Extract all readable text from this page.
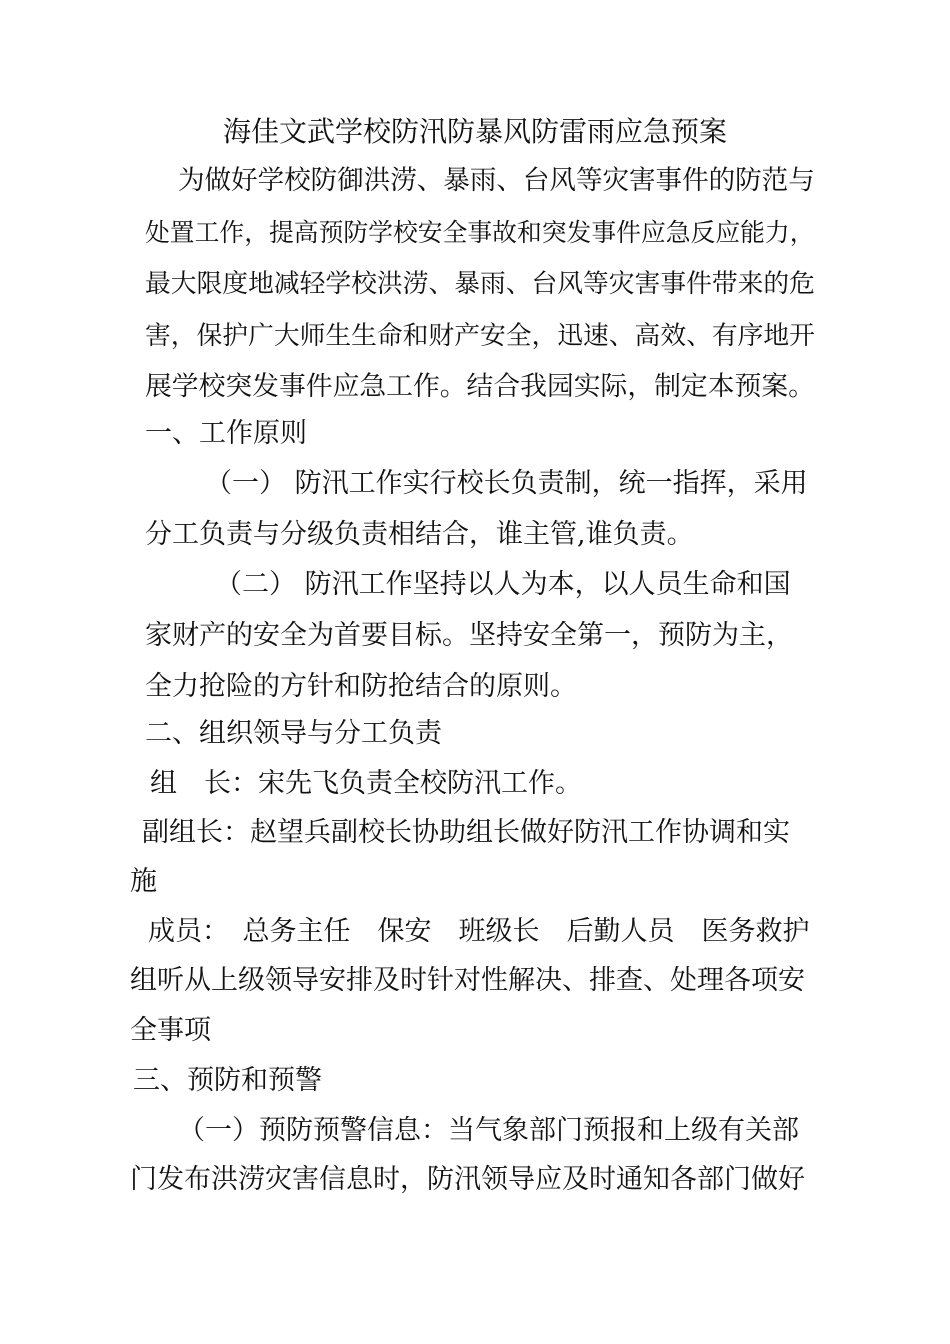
海佳文武学校防汛防暴风防雷雨应急预案
为做好学校防御洪涝、暴雨、台风等灾害事件的防范与
处置工作，提高预防学校安全事故和突发事件应急反应能力，
最大限度地减轻学校洪涝、暴雨、台风等灾害事件带来的危
害，保护广大师生生命和财产安全，迅速、高效、有序地开
展学校突发事件应急工作。结合我园实际，制定本预案。
一、工作原则
（一） 防汛工作实行校长负责制，统一指挥，采用
分工负责与分级负责相结合，谁主管,谁负责。
（二） 防汛工作坚持以人为本，以人员生命和国
家财产的安全为首要目标。坚持安全第一，预防为主，
全力抢险的方针和防抢结合的原则。
二、组织领导与分工负责
组　长：宋先飞负责全校防汛工作。
副组长：赵望兵副校长协助组长做好防汛工作协调和实
施
成员：　总务主任　保安　班级长　后勤人员　医务救护
组听从上级领导安排及时针对性解决、排查、处理各项安
全事项
三、预防和预警
（一）预防预警信息：当气象部门预报和上级有关部
门发布洪涝灾害信息时，防汛领导应及时通知各部门做好
